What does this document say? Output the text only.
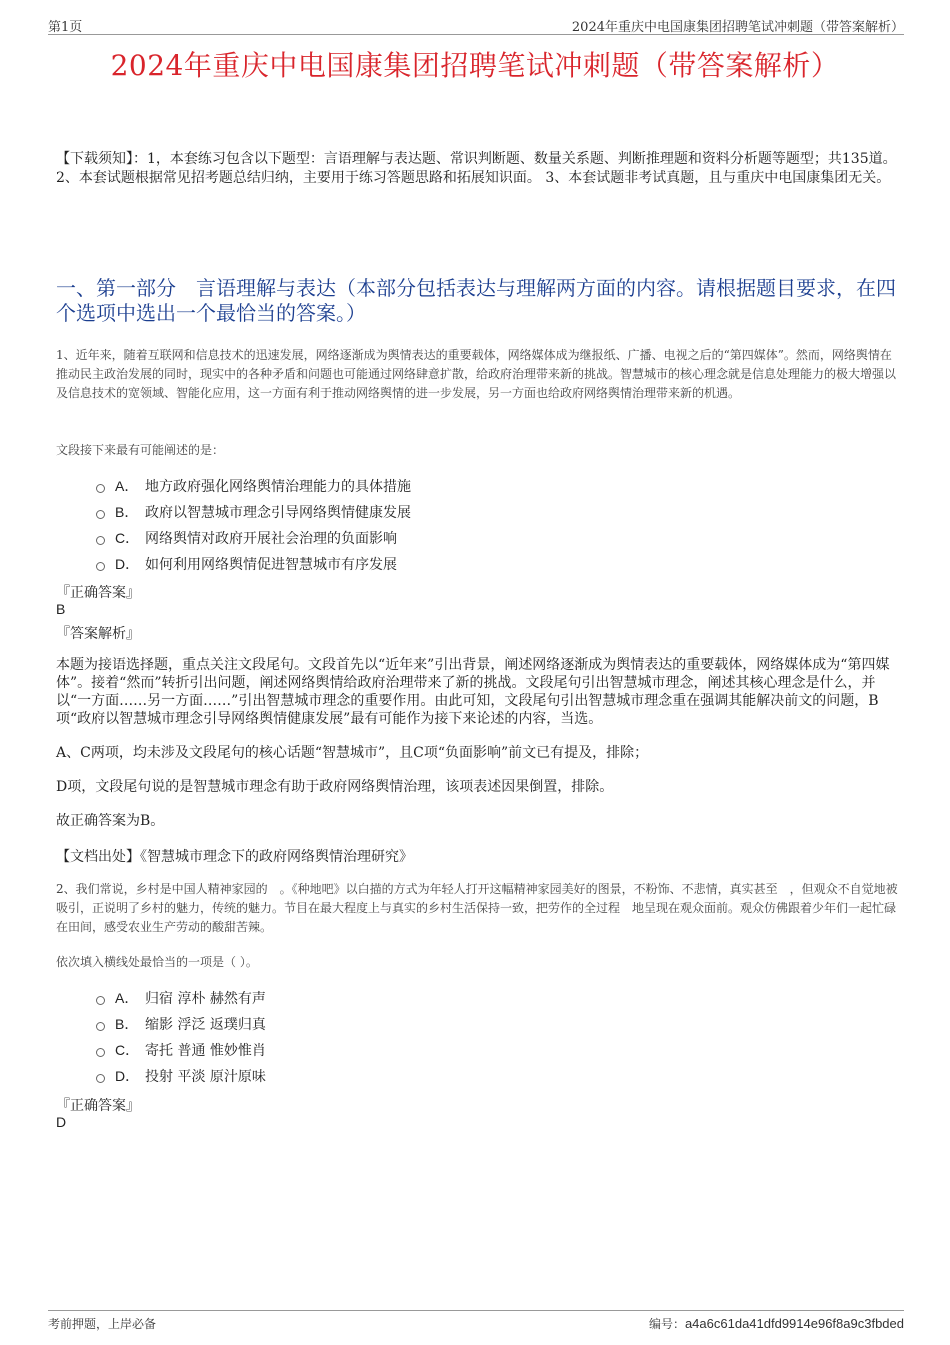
第1页	2024年重庆中电国康集团招聘笔试冲刺题（带答案解析）
2024年重庆中电国康集团招聘笔试冲刺题（带答案解析）
【下载须知】：1，本套练习包含以下题型：言语理解与表达题、常识判断题、数量关系题、判断推理题和资料分析题等题型；共135道。 2、本套试题根据常见招考题总结归纳，主要用于练习答题思路和拓展知识面。 3、本套试题非考试真题，且与重庆中电国康集团无关。
一、第一部分　言语理解与表达（本部分包括表达与理解两方面的内容。请根据题目要求，在四个选项中选出一个最恰当的答案。）
1、近年来，随着互联网和信息技术的迅速发展，网络逐渐成为舆情表达的重要载体，网络媒体成为继报纸、广播、电视之后的“第四媒体”。然而，网络舆情在推动民主政治发展的同时，现实中的各种矛盾和问题也可能通过网络肆意扩散，给政府治理带来新的挑战。智慧城市的核心理念就是信息处理能力的极大增强以及信息技术的宽领域、智能化应用，这一方面有利于推动网络舆情的进一步发展，另一方面也给政府网络舆情治理带来新的机遇。
文段接下来最有可能阐述的是：
A． 地方政府强化网络舆情治理能力的具体措施
B． 政府以智慧城市理念引导网络舆情健康发展
C． 网络舆情对政府开展社会治理的负面影响
D． 如何利用网络舆情促进智慧城市有序发展
『正确答案』
B
『答案解析』
本题为接语选择题，重点关注文段尾句。文段首先以“近年来”引出背景，阐述网络逐渐成为舆情表达的重要载体，网络媒体成为“第四媒体”。接着“然而”转折引出问题，阐述网络舆情给政府治理带来了新的挑战。文段尾句引出智慧城市理念，阐述其核心理念是什么，并以“一方面……另一方面……”引出智慧城市理念的重要作用。由此可知，文段尾句引出智慧城市理念重在强调其能解决前文的问题，B项“政府以智慧城市理念引导网络舆情健康发展”最有可能作为接下来论述的内容，当选。
A、C两项，均未涉及文段尾句的核心话题“智慧城市”，且C项“负面影响”前文已有提及，排除；
D项，文段尾句说的是智慧城市理念有助于政府网络舆情治理，该项表述因果倒置，排除。
故正确答案为B。
【文档出处】《智慧城市理念下的政府网络舆情治理研究》
2、我们常说，乡村是中国人精神家园的　。《种地吧》以白描的方式为年轻人打开这幅精神家园美好的图景，不粉饰、不悲情，真实甚至　，但观众不自觉地被吸引，正说明了乡村的魅力，传统的魅力。节目在最大程度上与真实的乡村生活保持一致，把劳作的全过程　地呈现在观众面前。观众仿佛跟着少年们一起忙碌在田间，感受农业生产劳动的酸甜苦辣。
依次填入横线处最恰当的一项是（ ）。
A． 归宿 淳朴 赫然有声
B． 缩影 浮泛 返璞归真
C． 寄托 普通 惟妙惟肖
D． 投射 平淡 原汁原味
『正确答案』
D
考前押题，上岸必备	编号：a4a6c61da41dfd9914e96f8a9c3fbded
